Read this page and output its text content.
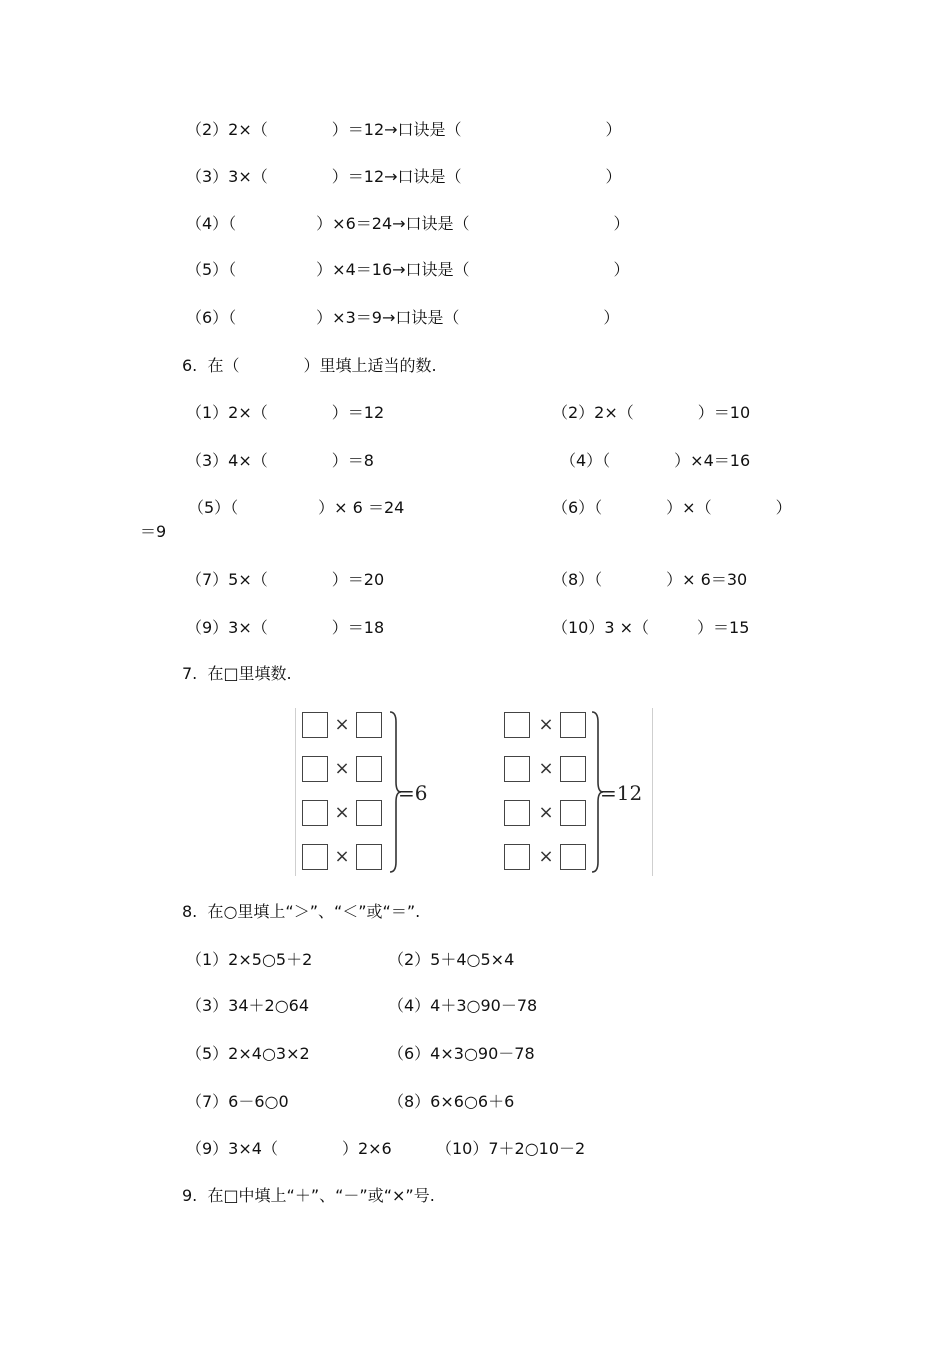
（2）2×（　　　　）＝12→口诀是（　　　　　　　　　）
（3）3×（　　　　）＝12→口诀是（　　　　　　　　　）
（4）（　　　　　）×6＝24→口诀是（　　　　　　　　　）
（5）（　　　　　）×4＝16→口诀是（　　　　　　　　　）
（6）（　　　　　）×3＝9→口诀是（　　　　　　　　　）
6.  在（　　　　）里填上适当的数.
（1）2×（　　　　）＝12	（2）2×（　　　　）＝10
（3）4×（　　　　）＝8	（4）（　　　　）×4＝16
（5）（　　　　　）× 6 ＝24	（6）（　　　　）×（　　　　）
＝9
（7）5×（　　　　）＝20	（8）（　　　　）× 6＝30
（9）3×（　　　　）＝18	（10）3 ×（　　　）＝15
7.  在□里填数.
×
×
×
×
=6
×
×
×
×
=12
8.  在○里填上“＞”、“＜”或“＝”.
（1）2×5○5＋2	（2）5＋4○5×4
（3）34＋2○64	（4）4＋3○90－78
（5）2×4○3×2	（6）4×3○90－78
（7）6－6○0	（8）6×6○6＋6
（9）3×4（　　　　）2×6	（10）7＋2○10－2
9.  在□中填上“＋”、“－”或“×”号.
